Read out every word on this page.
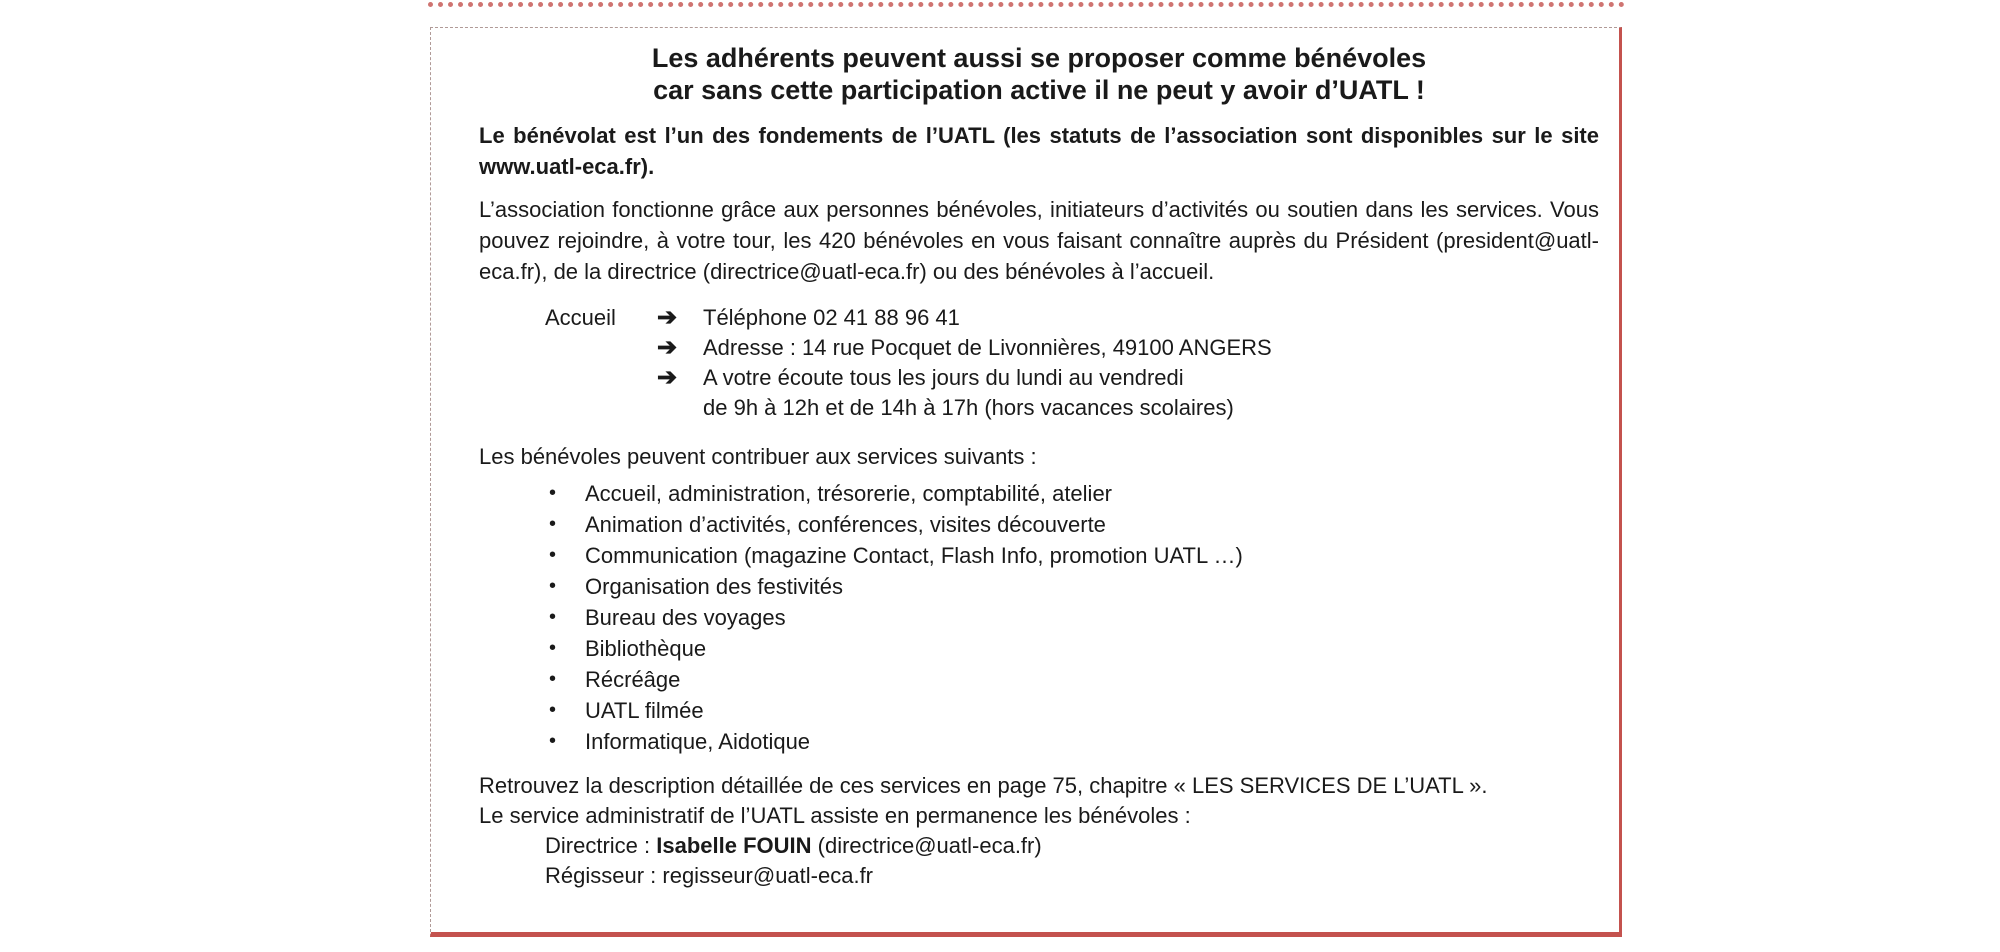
Les adhérents peuvent aussi se proposer comme bénévoles
car sans cette participation active il ne peut y avoir d’UATL !

Le bénévolat est l’un des fondements de l’UATL (les statuts de l’association sont disponibles sur le site www.uatl-eca.fr).

L’association fonctionne grâce aux personnes bénévoles, initiateurs d’activités ou soutien dans les services. Vous pouvez rejoindre, à votre tour, les 420 bénévoles en vous faisant connaître auprès du Président (president@uatl-eca.fr), de la directrice (directrice@uatl-eca.fr) ou des bénévoles à l’accueil.

Accueil	➔	Téléphone 02 41 88 96 41
➔	Adresse : 14 rue Pocquet de Livonnières, 49100 ANGERS
➔	A votre écoute tous les jours du lundi au vendredi
de 9h à 12h et de 14h à 17h (hors vacances scolaires)
Les bénévoles peuvent contribuer aux services suivants :
•	Accueil, administration, trésorerie, comptabilité, atelier
•	Animation d’activités, conférences, visites découverte
•	Communication (magazine Contact, Flash Info, promotion UATL …)
•	Organisation des festivités
•	Bureau des voyages
•	Bibliothèque
•	Récréâge
•	UATL filmée
•	Informatique, Aidotique
Retrouvez la description détaillée de ces services en page 75, chapitre « LES SERVICES DE L’UATL ».
Le service administratif de l’UATL assiste en permanence les bénévoles :
Directrice : Isabelle FOUIN (directrice@uatl-eca.fr)
Régisseur : regisseur@uatl-eca.fr
